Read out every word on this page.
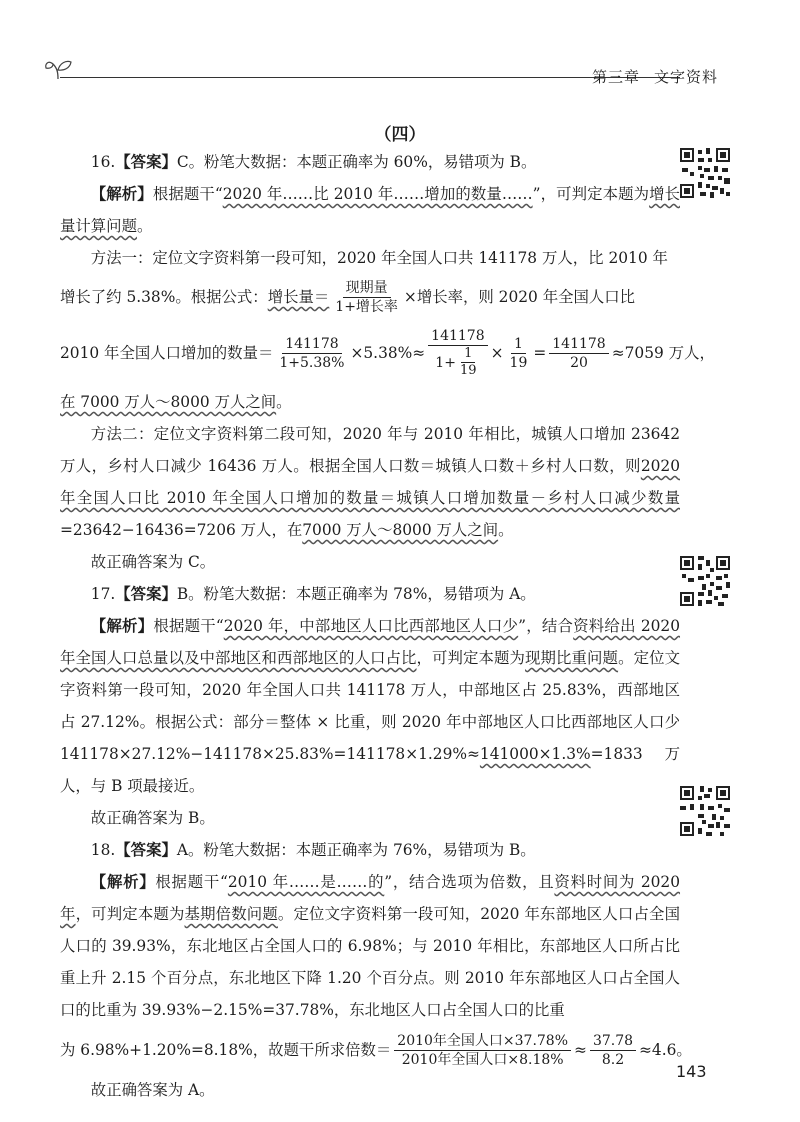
第三章 文字资料
（四）

16.【答案】C。粉笔大数据：本题正确率为 60%，易错项为 B。

【解析】根据题干“2020 年……比 2010 年……增加的数量……”，可判定本题为增长量计算问题。

方法一：定位文字资料第一段可知，2020 年全国人口共 141178 万人，比 2010 年

增长了约 5.38%。根据公式： 增长量＝ $\frac{\text{现期量}}{\text{1+增长率}}$ ×增长率，则 2020 年全国人口比
2010 年全国人口增加的数量＝ $\frac{141178}{1+5.38\%} \times 5.38\%\approx \frac{141178}{1+ \frac{1}{19}} \times \frac{1}{19} = \frac{141178}{20} \approx 7059$ 万人，

在 7000 万人～8000 万人之间。

方法二：定位文字资料第二段可知，2020 年与 2010 年相比，城镇人口增加 23642 万人，乡村人口减少 16436 万人。根据全国人口数＝城镇人口数＋乡村人口数，则2020 年全国人口比 2010 年全国人口增加的数量＝城镇人口增加数量－乡村人口减少数量=23642−16436=7206 万人，在7000 万人～8000 万人之间。

故正确答案为 C。

17.【答案】B。粉笔大数据：本题正确率为 78%，易错项为 A。

【解析】根据题干“2020 年，中部地区人口比西部地区人口少”，结合资料给出 2020 年全国人口总量以及中部地区和西部地区的人口占比，可判定本题为现期比重问题。定位文字资料第一段可知，2020 年全国人口共 141178 万人，中部地区占 25.83%，西部地区占 27.12%。根据公式：部分＝整体 × 比重，则 2020 年中部地区人口比西部地区人口少 141178×27.12%−141178×25.83%=141178×1.29%≈141000×1.3%=1833 万人，与 B 项最接近。

故正确答案为 B。

18.【答案】A。粉笔大数据：本题正确率为 76%，易错项为 B。

【解析】根据题干“2010 年……是……的”，结合选项为倍数，且资料时间为 2020 年，可判定本题为基期倍数问题。定位文字资料第一段可知，2020 年东部地区人口占全国人口的 39.93%，东北地区占全国人口的 6.98%；与 2010 年相比，东部地区人口所占比重上升 2.15 个百分点，东北地区下降 1.20 个百分点。则 2010 年东部地区人口占全国人口的比重为 39.93%−2.15%=37.78%，东北地区人口占全国人口的比重

为 6.98%+1.20%=8.18%，故题干所求倍数＝ $\frac{\text{2010年全国人口×37.78\%}}{\text{2010年全国人口×8.18\%}} \approx \frac{37.78}{8.2} \approx 4.6$。

故正确答案为 A。

143
